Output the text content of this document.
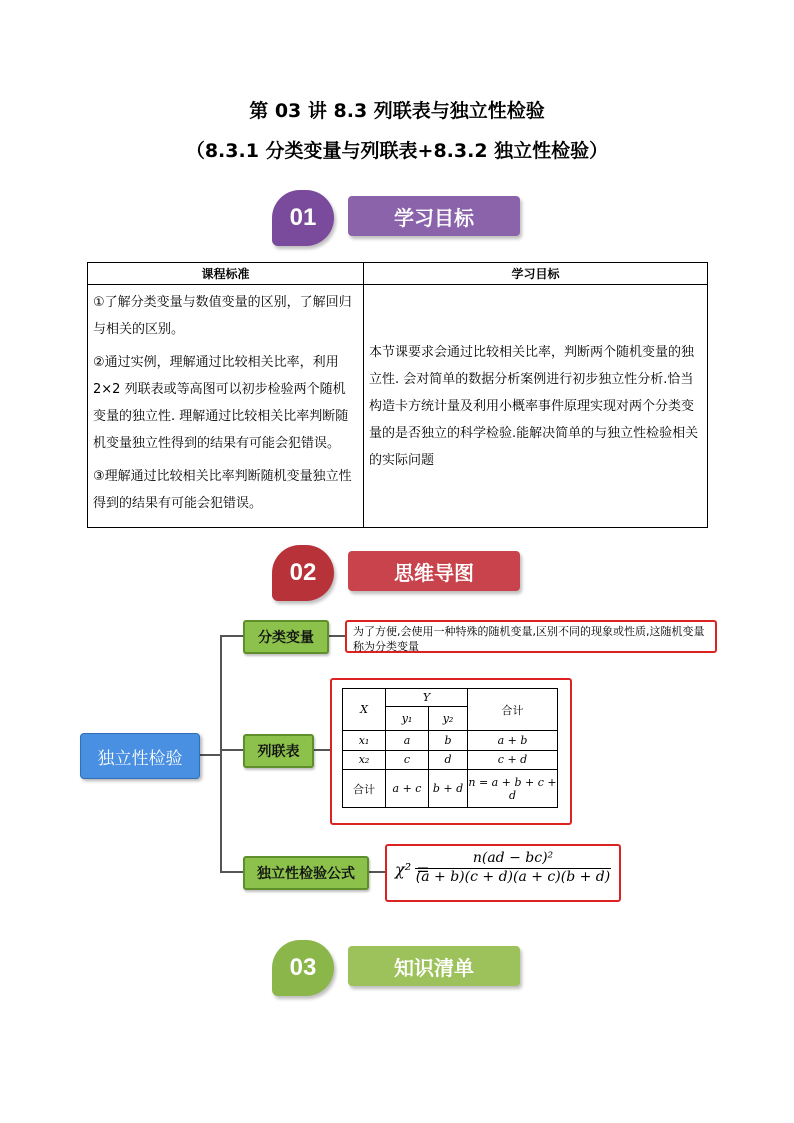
第 03 讲 8.3 列联表与独立性检验
（8.3.1 分类变量与列联表+8.3.2 独立性检验）
01	学习目标
课程标准	学习目标

①了解分类变量与数值变量的区别，了解回归与相关的区别。

②通过实例，理解通过比较相关比率，利用 2×2 列联表或等高图可以初步检验两个随机变量的独立性. 理解通过比较相关比率判断随机变量独立性得到的结果有可能会犯错误。

③理解通过比较相关比率判断随机变量独立性得到的结果有可能会犯错误。	本节课要求会通过比较相关比率，判断两个随机变量的独立性. 会对简单的数据分析案例进行初步独立性分析.恰当构造卡方统计量及利用小概率事件原理实现对两个分类变量的是否独立的科学检验.能解决简单的与独立性检验相关的实际问题
02	思维导图
独立性检验
分类变量
列联表
独立性检验公式
为了方便,会使用一种特殊的随机变量,区别不同的现象或性质,这随机变量称为分类变量
X	Y		合计
	y₁	y₂	
x₁	a	b	a + b
x₂	c	d	c + d
合计	a + c	b + d	n = a + b + c + d
χ² =
$\frac{\text{n(ad − bc)²}}{(a + b)(c + d)(a + c)(b + d)}$
03	知识清单
